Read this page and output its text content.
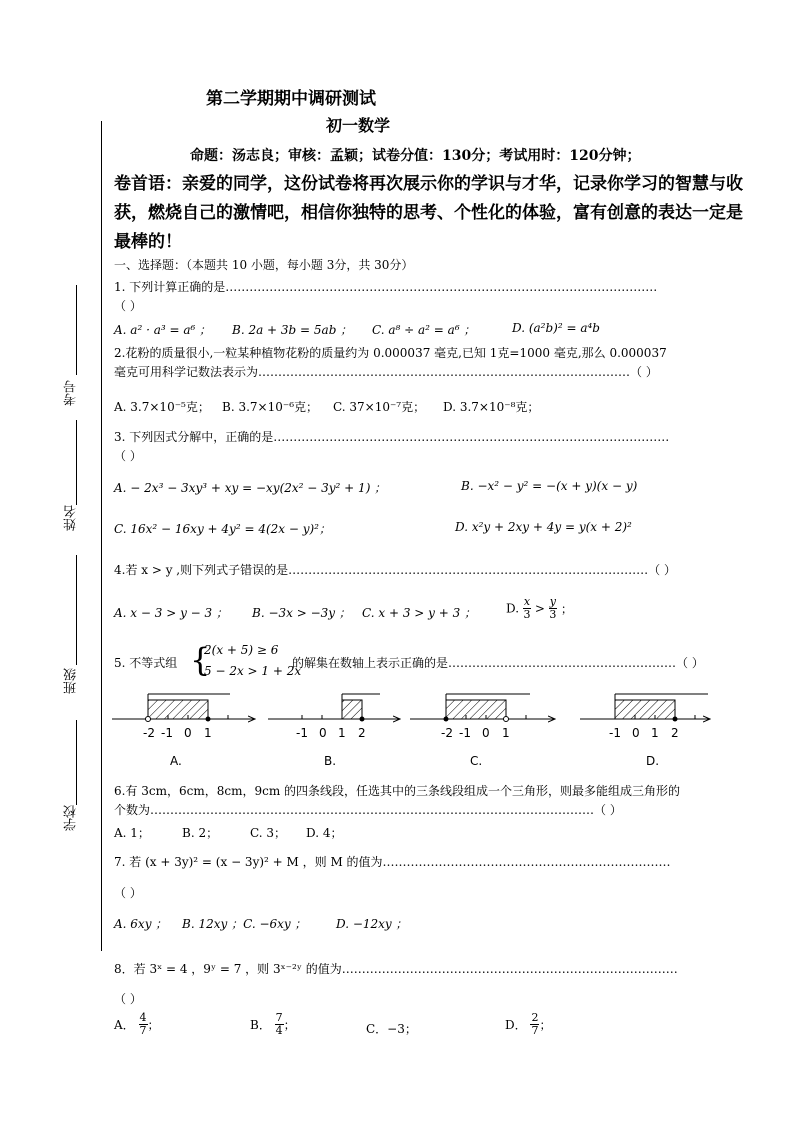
第二学期期中调研测试
初一数学
命题：汤志良；审核：孟颖；试卷分值：130分；考试用时：120分钟；
卷首语：亲爱的同学，这份试卷将再次展示你的学识与才华，记录你学习的智慧与收获，燃烧自己的激情吧，相信你独特的思考、个性化的体验，富有创意的表达一定是最棒的！
考号
姓名
班级
学校
一、选择题：（本题共 10 小题，每小题 3分，共 30分）
1. 下列计算正确的是………………………………………………………………………………………………
（ ）
A. a² · a³ = a⁶ ； B. 2a + 3b = 5ab ； C. a⁸ ÷ a² = a⁶ ；	D. (a²b)² = a⁴b
2.花粉的质量很小,一粒某种植物花粉的质量约为 0.000037 毫克,已知 1克=1000 毫克,那么 0.000037
毫克可用科学记数法表示为…………………………………………………………………………………（ ）
A. 3.7×10⁻⁵克； B. 3.7×10⁻⁶克； C. 37×10⁻⁷克； D. 3.7×10⁻⁸克；
3. 下列因式分解中，正确的是………………………………………………………………………………………
（ ）
A. − 2x³ − 3xy³ + xy = −xy(2x² − 3y² + 1) ；	B. −x² − y² = −(x + y)(x − y)
C. 16x² − 16xy + 4y² = 4(2x − y)²；	D. x²y + 2xy + 4y = y(x + 2)²
4.若 x > y ,则下列式子错误的是………………………………………………………………………………（ ）
A. x − 3 > y − 3 ； B. −3x > −3y ； C. x + 3 > y + 3 ； D. $\frac{x}{3} > \frac{y}{3}$ ；
5. 不等式组 {
2(x + 5) ≥ 6
5 − 2x > 1 + 2x
的解集在数轴上表示正确的是…………………………………………………（ ）
-2 -1 0 1
A.
-1 0 1 2
B.
-2 -1 0 1
C.
-1 0 1 2
D.
6.有 3cm，6cm，8cm，9cm 的四条线段，任选其中的三条线段组成一个三角形，则最多能组成三角形的
个数为…………………………………………………………………………………………………（ ）
A. 1；	B. 2；	C. 3； D. 4；
7. 若 (x + 3y)² = (x − 3y)² + M ，则 M 的值为………………………………………………………………
（ ）
A. 6xy ； B. 12xy ；C. −6xy ； D. −12xy ；
8．若 3ˣ = 4 ，9ʸ = 7 ，则 3ˣ⁻²ʸ 的值为…………………………………………………………………………
（ ）
A． $\frac{4}{7}$ ；	B． $\frac{7}{4}$ ；	C．−3；	D． $\frac{2}{7}$ ；
